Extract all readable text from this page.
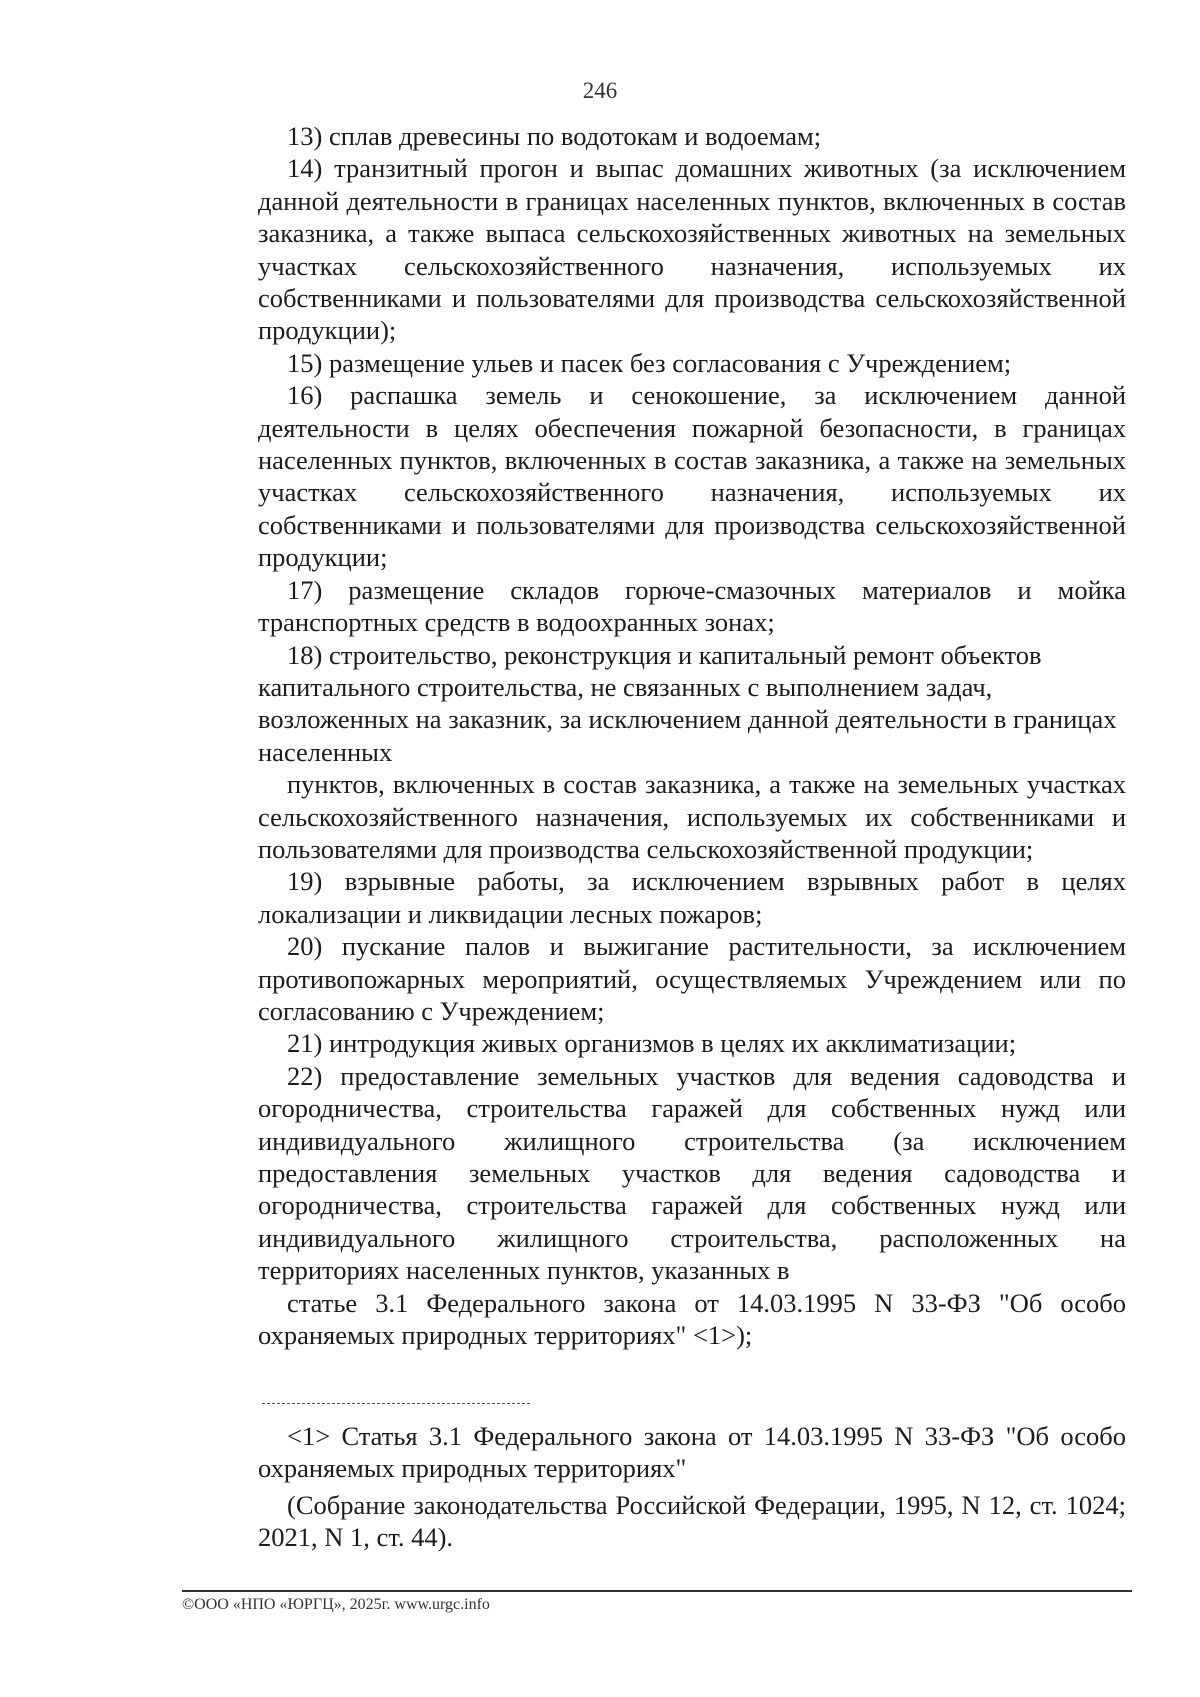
246

13) сплав древесины по водотокам и водоемам;

14) транзитный прогон и выпас домашних животных (за исключением данной деятельности в границах населенных пунктов, включенных в состав заказника, а также выпаса сельскохозяйственных животных на земельных участках сельскохозяйственного назначения, используемых их собственниками и пользователями для производства сельскохозяйственной продукции);

15) размещение ульев и пасек без согласования с Учреждением;

16) распашка земель и сенокошение, за исключением данной деятельности в целях обеспечения пожарной безопасности, в границах населенных пунктов, включенных в состав заказника, а также на земельных участках сельскохозяйственного назначения, используемых их собственниками и пользователями для производства сельскохозяйственной продукции;

17) размещение складов горюче-смазочных материалов и мойка транспортных средств в водоохранных зонах;

18) строительство, реконструкция и капитальный ремонт объектов капитального строительства, не связанных с выполнением задач, возложенных на заказник, за исключением данной деятельности в границах населенных

пунктов, включенных в состав заказника, а также на земельных участках сельскохозяйственного назначения, используемых их собственниками и пользователями для производства сельскохозяйственной продукции;

19) взрывные работы, за исключением взрывных работ в целях локализации и ликвидации лесных пожаров;

20) пускание палов и выжигание растительности, за исключением противопожарных мероприятий, осуществляемых Учреждением или по согласованию с Учреждением;

21) интродукция живых организмов в целях их акклиматизации;

22) предоставление земельных участков для ведения садоводства и огородничества, строительства гаражей для собственных нужд или индивидуального жилищного строительства (за исключением предоставления земельных участков для ведения садоводства и огородничества, строительства гаражей для собственных нужд или индивидуального жилищного строительства, расположенных на территориях населенных пунктов, указанных в

статье 3.1 Федерального закона от 14.03.1995 N 33-ФЗ "Об особо охраняемых природных территориях" <1>);

<1> Статья 3.1 Федерального закона от 14.03.1995 N 33-ФЗ "Об особо охраняемых природных территориях"

(Собрание законодательства Российской Федерации, 1995, N 12, ст. 1024; 2021, N 1, ст. 44).

©ООО «НПО «ЮРГЦ», 2025г. www.urgc.info
